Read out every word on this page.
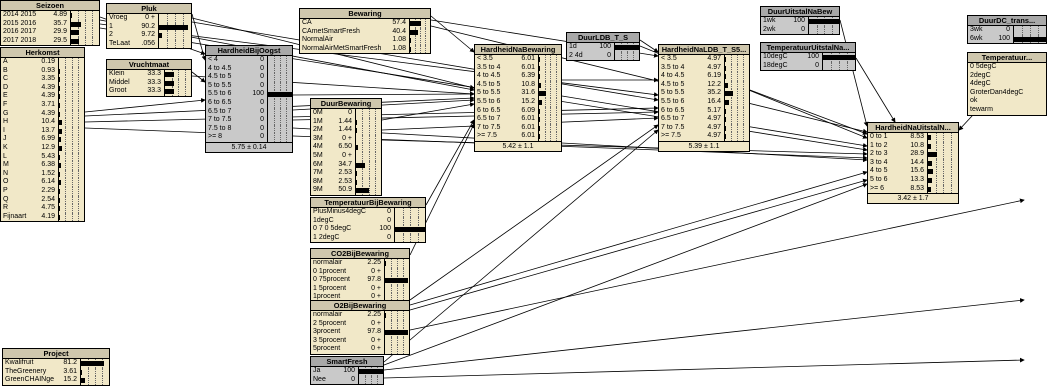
Seizoen
2014 2015	4.89
2015 2016	35.7
2016 2017	29.9
2017 2018	29.5
Pluk
Vroeg	0 +
1	90.2
2	9.72
TeLaat	.056
Bewaring
CA	57.4
CAmetSmartFresh	40.4
NormalAir	1.08
NormalAirMetSmartFresh	1.08
Herkomst
A	0.19
B	0.93
C	3.35
D	4.39
E	4.39
F	3.71
G	4.39
H	10.4
I	13.7
J	6.99
K	12.9
L	5.43
M	6.38
N	1.52
O	6.14
P	2.29
Q	2.54
R	4.75
Fijnaart	4.19
Vruchtmaat
Klein	33.3
Middel	33.3
Groot	33.3
HardheidBijOogst
< 4	0
4 to 4.5	0
4.5 to 5	0
5 to 5.5	0
5.5 to 6	100
6 to 6.5	0
6.5 to 7	0
7 to 7.5	0
7.5 to 8	0
>= 8	0
5.75 ± 0.14
DuurBewaring
0M	0
1M	1.44
2M	1.44
3M	0 +
4M	6.50
5M	0 +
6M	34.7
7M	2.53
8M	2.53
9M	50.9
HardheidNaBewaring
< 3.5	6.01
3.5 to 4	6.01
4 to 4.5	6.39
4.5 to 5	10.8
5 to 5.5	31.6
5.5 to 6	15.2
6 to 6.5	6.09
6.5 to 7	6.01
7 to 7.5	6.01
>= 7.5	6.01
5.42 ± 1.1
DuurLDB_T_S
1d	100
2 4d	0
HardheidNaLDB_T_S5...
< 3.5	4.97
3.5 to 4	4.97
4 to 4.5	6.19
4.5 to 5	12.2
5 to 5.5	35.2
5.5 to 6	16.4
6 to 6.5	5.17
6.5 to 7	4.97
7 to 7.5	4.97
>= 7.5	4.97
5.39 ± 1.1
DuurUitstalNaBew
1wk	100
2wk	0
TemperatuurUitstalNa...
10degC	100
18degC	0
DuurDC_trans...
3wk	0
6wk	100
Temperatuur...
0 5degC
2degC
4degC
GroterDan4degC
ok
tewarm
HardheidNaUitstalN...
0 to 1	8.53
1 to 2	10.8
2 to 3	28.9
3 to 4	14.4
4 to 5	15.6
5 to 6	13.3
>= 6	8.53
3.42 ± 1.7
TemperatuurBijBewaring
PlusMinus4degC	0
1degC	0
0 7 0 5degC	100
1 2degC	0
CO2BijBewaring
normalair	2.25
0 1procent	0 +
0 75procent	97.8
1 5procent	0 +
1procent	0 +
O2BijBewaring
normalair	2.25
2 5procent	0 +
3procent	97.8
3 5procent	0 +
5procent	0 +
SmartFresh
Ja	100
Nee	0
Project
Kwalifruit	81.2
TheGreenery	3.61
GreenCHAINge	15.2
